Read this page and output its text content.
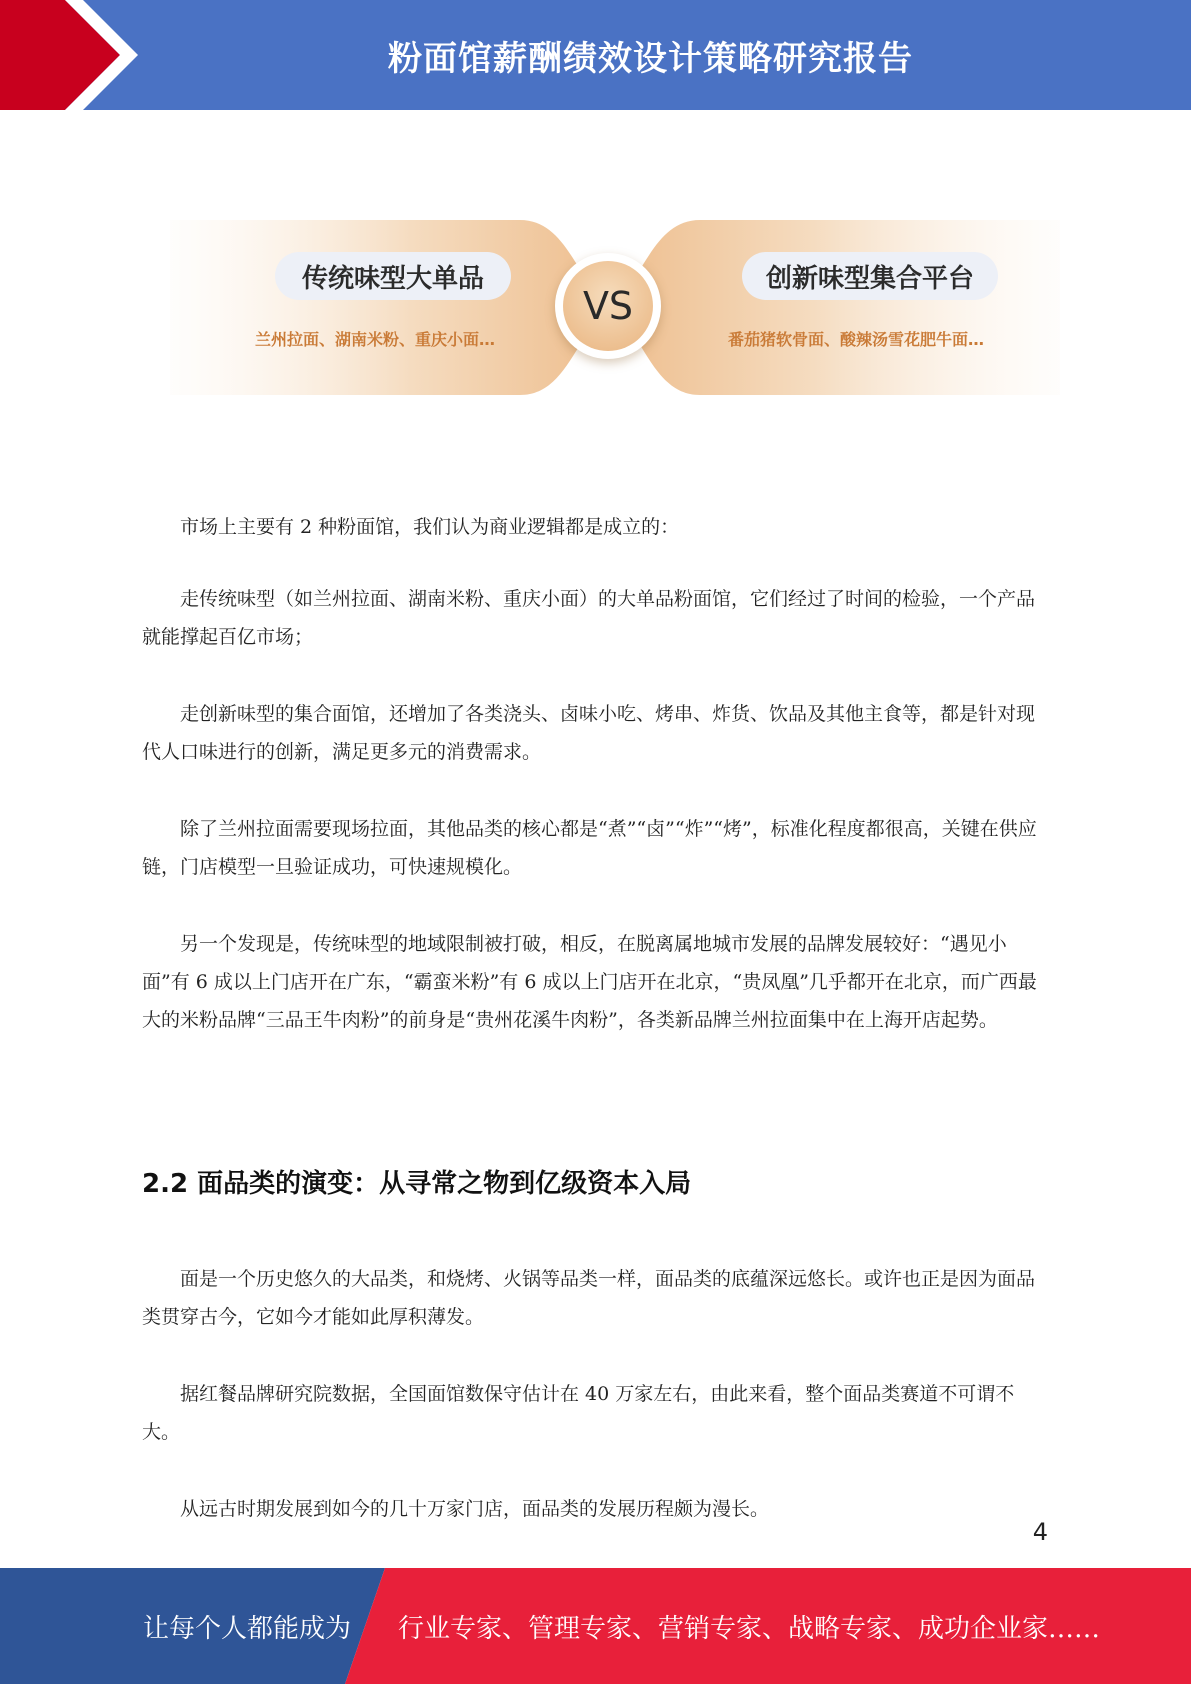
粉面馆薪酬绩效设计策略研究报告
传统味型大单品
兰州拉面、湖南米粉、重庆小面…
VS
创新味型集合平台
番茄猪软骨面、酸辣汤雪花肥牛面…

市场上主要有 2 种粉面馆，我们认为商业逻辑都是成立的：

走传统味型（如兰州拉面、湖南米粉、重庆小面）的大单品粉面馆，它们经过了时间的检验，一个产品就能撑起百亿市场；

走创新味型的集合面馆，还增加了各类浇头、卤味小吃、烤串、炸货、饮品及其他主食等，都是针对现代人口味进行的创新，满足更多元的消费需求。

除了兰州拉面需要现场拉面，其他品类的核心都是“煮”“卤”“炸”“烤”，标准化程度都很高，关键在供应链，门店模型一旦验证成功，可快速规模化。

另一个发现是，传统味型的地域限制被打破，相反，在脱离属地城市发展的品牌发展较好：“遇见小面”有 6 成以上门店开在广东，“霸蛮米粉”有 6 成以上门店开在北京，“贵凤凰”几乎都开在北京，而广西最大的米粉品牌“三品王牛肉粉”的前身是“贵州花溪牛肉粉”，各类新品牌兰州拉面集中在上海开店起势。

2.2 面品类的演变：从寻常之物到亿级资本入局

面是一个历史悠久的大品类，和烧烤、火锅等品类一样，面品类的底蕴深远悠长。或许也正是因为面品类贯穿古今，它如今才能如此厚积薄发。

据红餐品牌研究院数据，全国面馆数保守估计在 40 万家左右，由此来看，整个面品类赛道不可谓不大。

从远古时期发展到如今的几十万家门店，面品类的发展历程颇为漫长。

4
让每个人都能成为 行业专家、管理专家、营销专家、战略专家、成功企业家……
